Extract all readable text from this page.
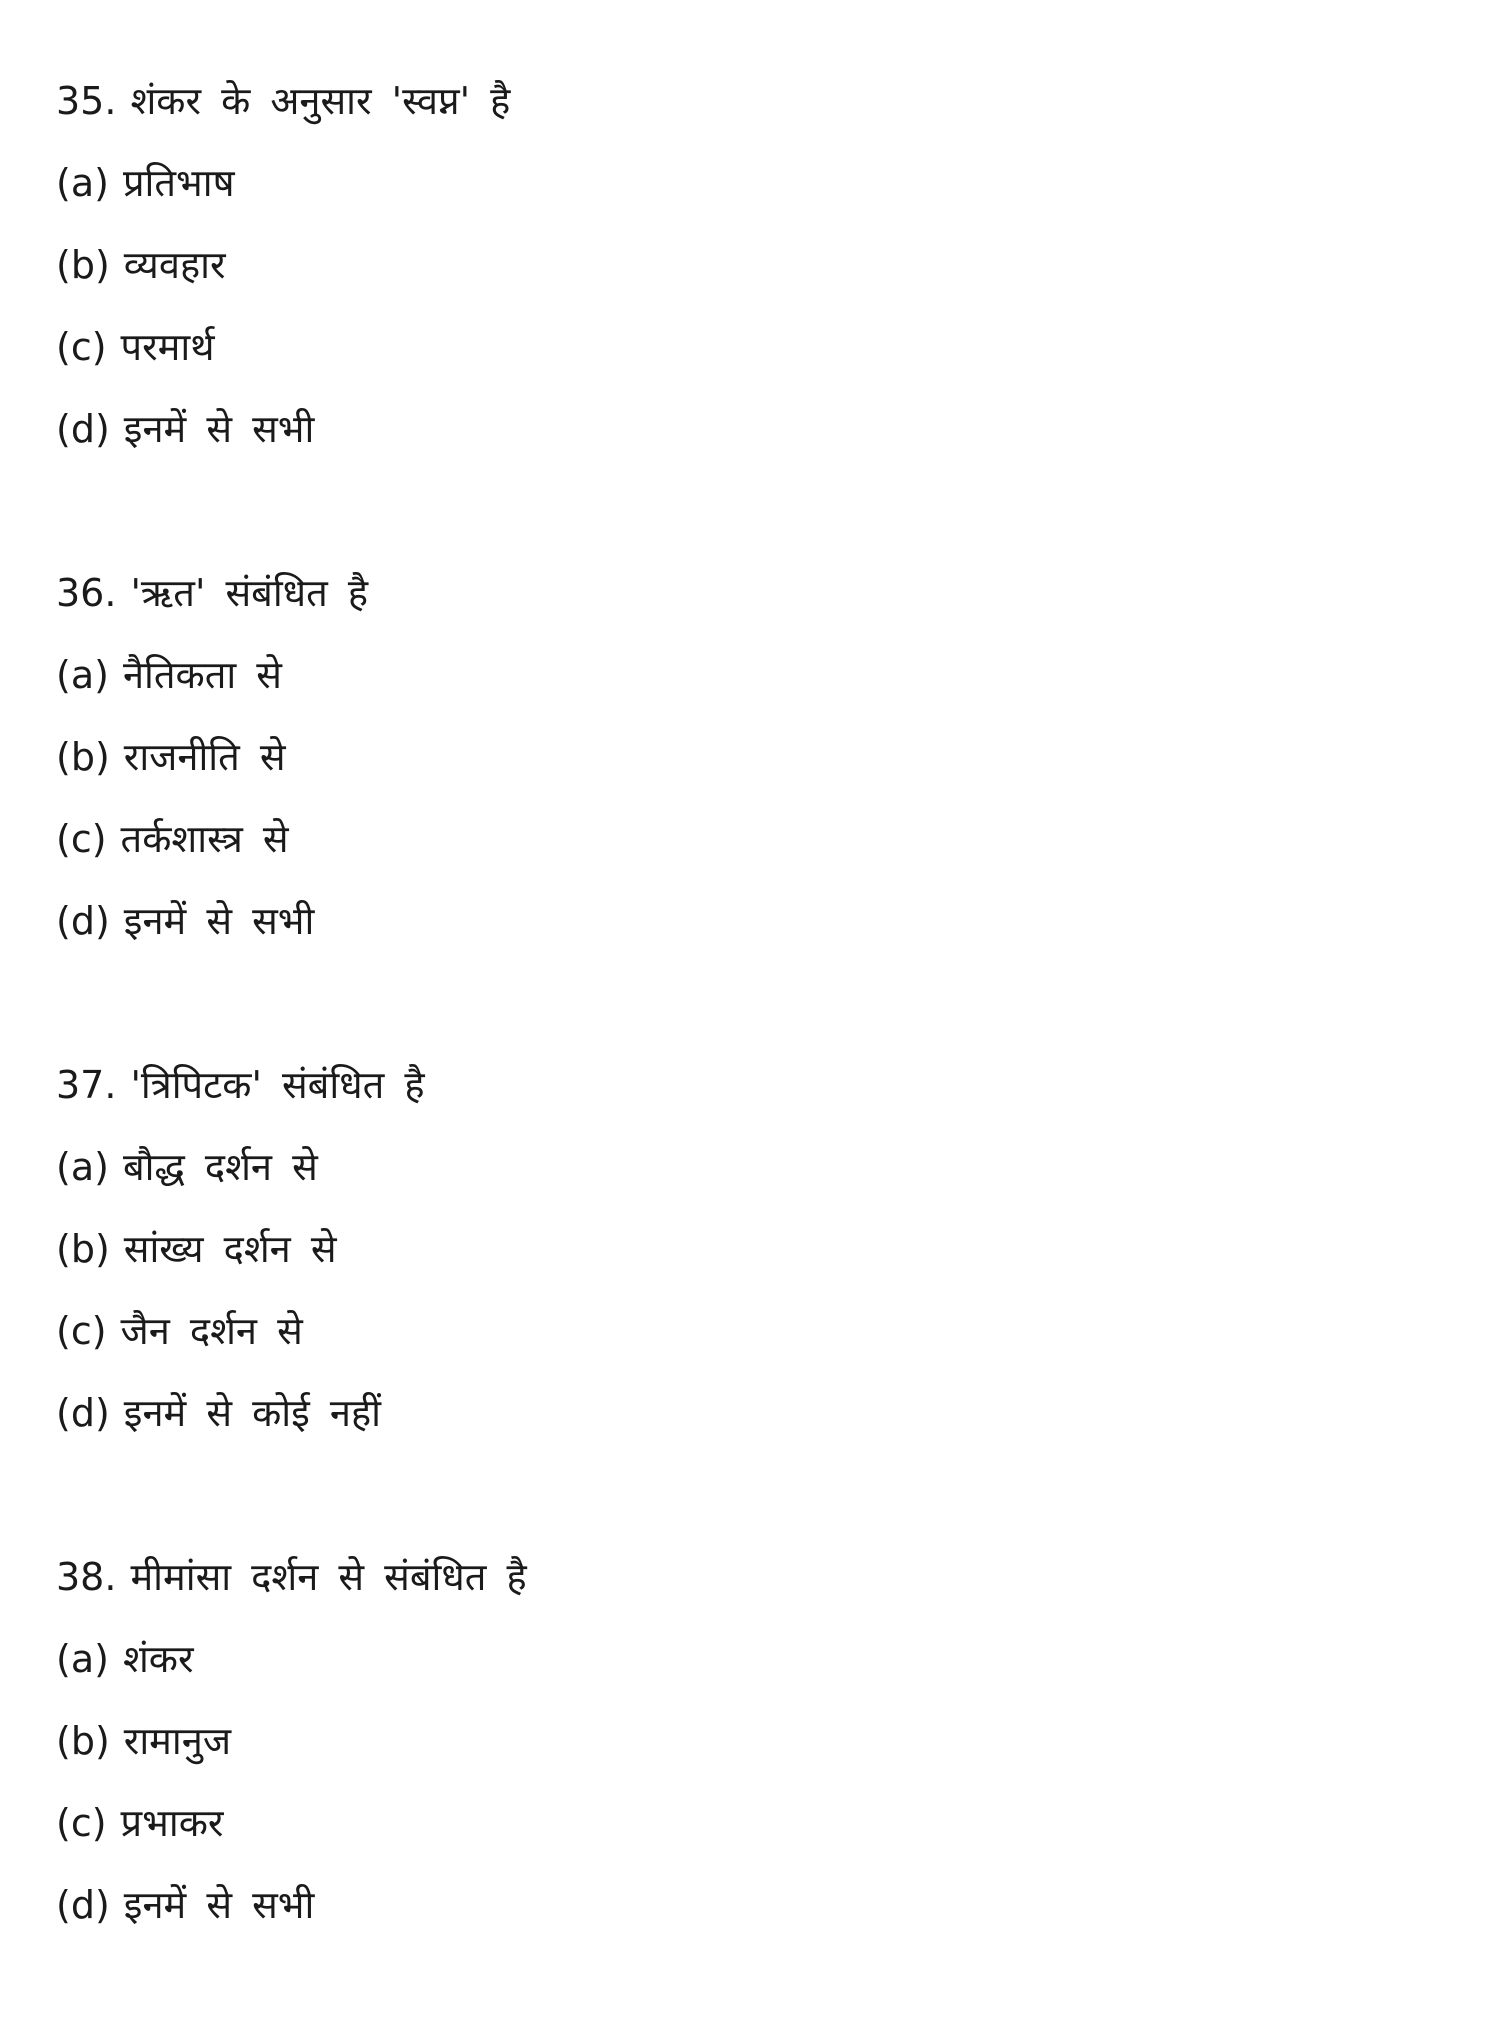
35. शंकर के अनुसार 'स्वप्न' है
(a) प्रतिभाष
(b) व्यवहार
(c) परमार्थ
(d) इनमें से सभी
36. 'ऋत' संबंधित है
(a) नैतिकता से
(b) राजनीति से
(c) तर्कशास्त्र से
(d) इनमें से सभी
37. 'त्रिपिटक' संबंधित है
(a) बौद्ध दर्शन से
(b) सांख्य दर्शन से
(c) जैन दर्शन से
(d) इनमें से कोई नहीं
38. मीमांसा दर्शन से संबंधित है
(a) शंकर
(b) रामानुज
(c) प्रभाकर
(d) इनमें से सभी
